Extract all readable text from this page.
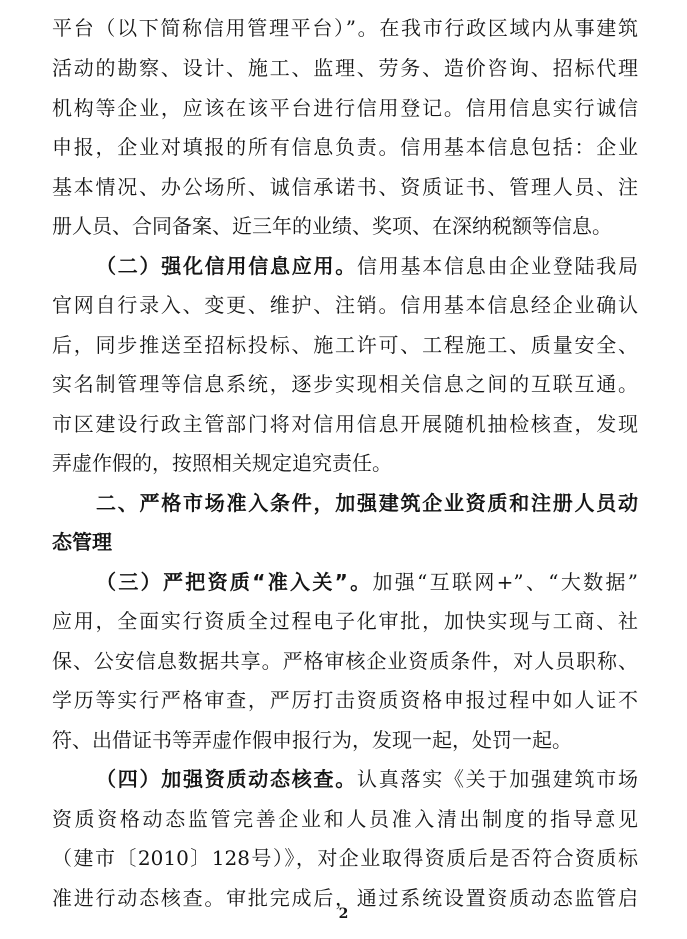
平台（以下简称信用管理平台）”。在我市行政区域内从事建筑
活动的勘察、设计、施工、监理、劳务、造价咨询、招标代理
机构等企业，应该在该平台进行信用登记。信用信息实行诚信
申报，企业对填报的所有信息负责。信用基本信息包括：企业
基本情况、办公场所、诚信承诺书、资质证书、管理人员、注
册人员、合同备案、近三年的业绩、奖项、在深纳税额等信息。
（二）强化信用信息应用。信用基本信息由企业登陆我局
官网自行录入、变更、维护、注销。信用基本信息经企业确认
后，同步推送至招标投标、施工许可、工程施工、质量安全、
实名制管理等信息系统，逐步实现相关信息之间的互联互通。
市区建设行政主管部门将对信用信息开展随机抽检核查，发现
弄虚作假的，按照相关规定追究责任。
二、严格市场准入条件，加强建筑企业资质和注册人员动
态管理
（三）严把资质“准入关”。加强“互联网+”、“大数据”
应用，全面实行资质全过程电子化审批，加快实现与工商、社
保、公安信息数据共享。严格审核企业资质条件，对人员职称、
学历等实行严格审查，严厉打击资质资格申报过程中如人证不
符、出借证书等弄虚作假申报行为，发现一起，处罚一起。
（四）加强资质动态核查。认真落实《关于加强建筑市场
资质资格动态监管完善企业和人员准入清出制度的指导意见
（建市〔2010〕128号）》，对企业取得资质后是否符合资质标
准进行动态核查。审批完成后，通过系统设置资质动态监管启
2
